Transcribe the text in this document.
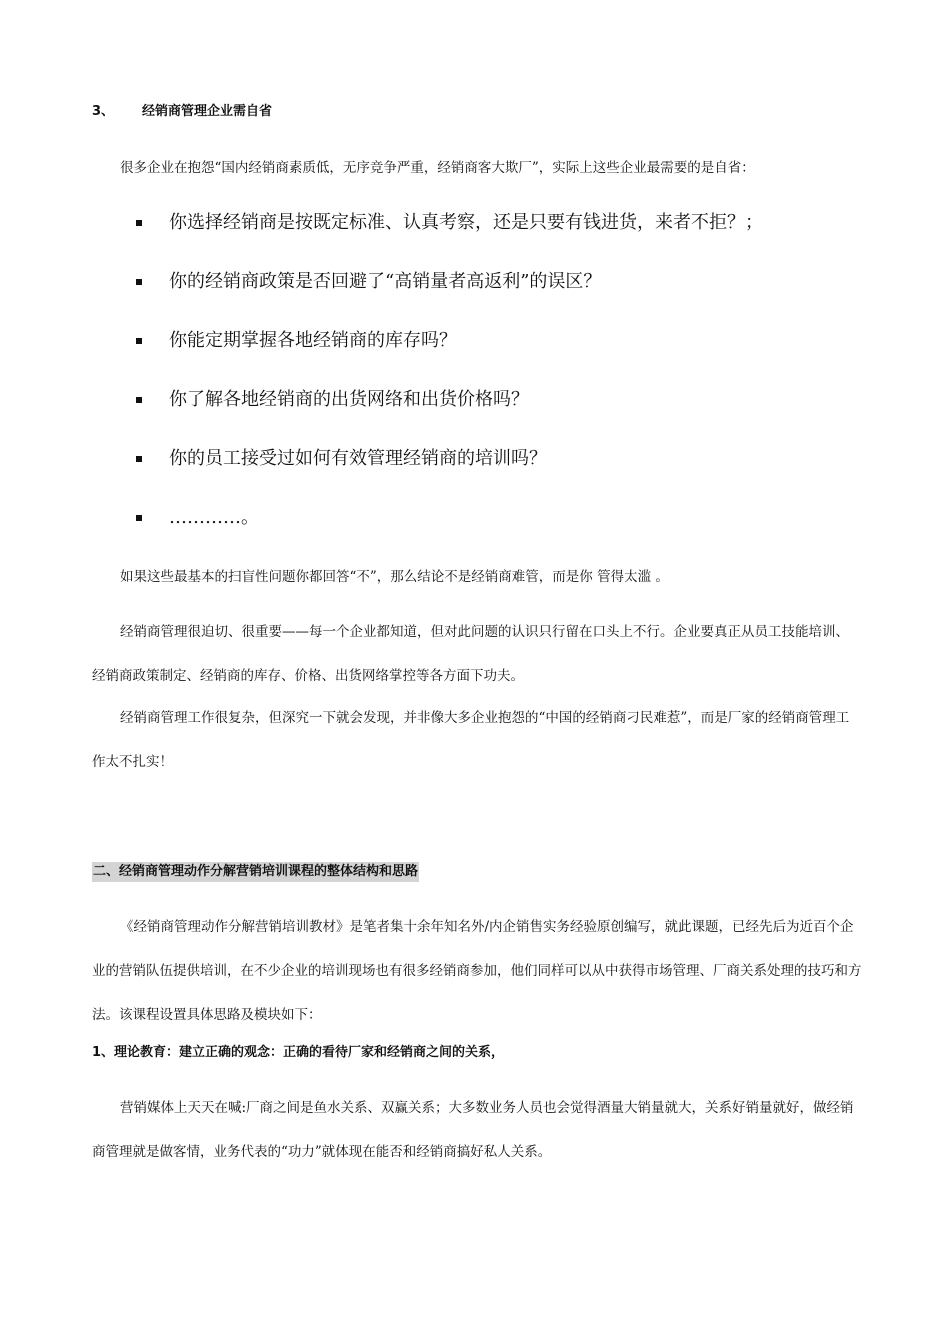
3、 经销商管理企业需自省
很多企业在抱怨“国内经销商素质低，无序竞争严重，经销商客大欺厂”，实际上这些企业最需要的是自省：
你选择经销商是按既定标准、认真考察，还是只要有钱进货，来者不拒？；
你的经销商政策是否回避了“高销量者高返利”的误区？
你能定期掌握各地经销商的库存吗？
你了解各地经销商的出货网络和出货价格吗？
你的员工接受过如何有效管理经销商的培训吗？
…………。
如果这些最基本的扫盲性问题你都回答“不”，那么结论不是经销商难管，而是你 管得太滥 。
经销商管理很迫切、很重要——每一个企业都知道，但对此问题的认识只行留在口头上不行。企业要真正从员工技能培训、经销商政策制定、经销商的库存、价格、出货网络掌控等各方面下功夫。
经销商管理工作很复杂，但深究一下就会发现，并非像大多企业抱怨的“中国的经销商刁民难惹”，而是厂家的经销商管理工作太不扎实！
二、经销商管理动作分解营销培训课程的整体结构和思路
《经销商管理动作分解营销培训教材》是笔者集十余年知名外/内企销售实务经验原创编写，就此课题，已经先后为近百个企业的营销队伍提供培训，在不少企业的培训现场也有很多经销商参加，他们同样可以从中获得市场管理、厂商关系处理的技巧和方法。该课程设置具体思路及模块如下：
1、理论教育：建立正确的观念：正确的看待厂家和经销商之间的关系，
营销媒体上天天在喊:厂商之间是鱼水关系、双赢关系；大多数业务人员也会觉得酒量大销量就大，关系好销量就好，做经销商管理就是做客情，业务代表的“功力”就体现在能否和经销商搞好私人关系。
